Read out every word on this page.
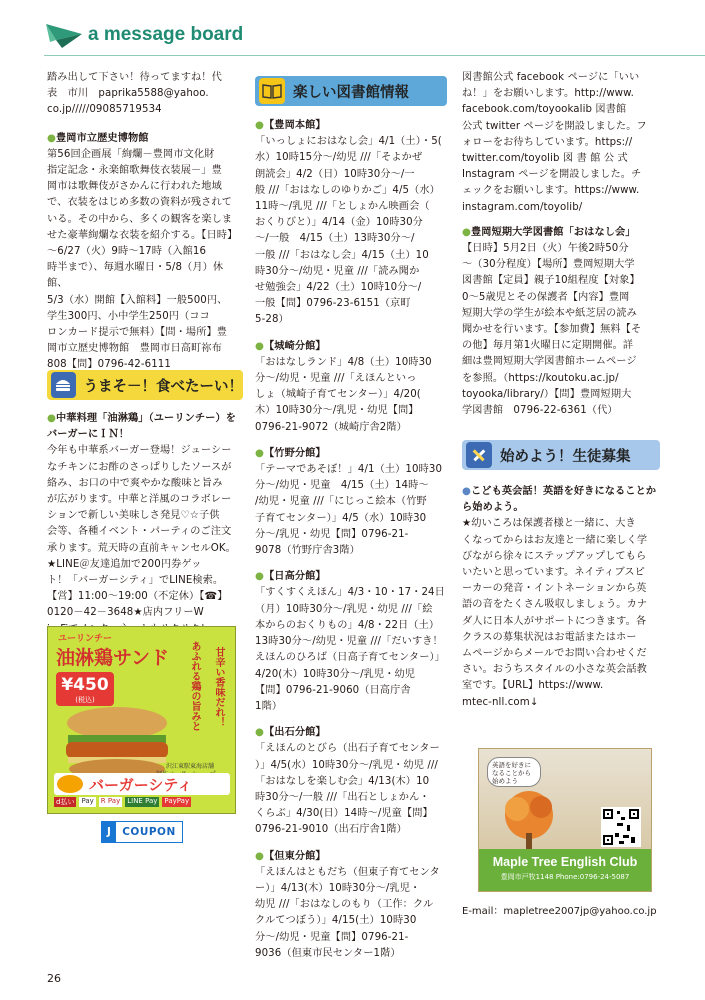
a message board

踏み出して下さい！待ってますね！代

表　市川　paprika5588@yahoo.

co.jp/////09085719534

●豊岡市立歴史博物館

第56回企画展「絢爛－豊岡市文化財

指定記念・永楽館歌舞伎衣装展－」豊

岡市は歌舞伎がさかんに行われた地域

で、衣装をはじめ多数の資料が残されて

いる。その中から、多くの観客を楽しま

せた豪華絢爛な衣装を紹介する。【日時】

～6/27（火）9時～17時（入館16

時半まで）、毎週水曜日・5/8（月）休館、

5/3（水）開館【入館料】一般500円、

学生300円、小中学生250円（ココ

ロンカード提示で無料）【問・場所】豊

岡市立歴史博物館　豊岡市日高町祢布

808【問】0796-42-6111

うまそ－！食べたーい！

●中華料理「油淋鶏」（ユーリンチー）をバーガーにＩＮ！

今年も中華系バーガー登場！ジューシー

なチキンにお酢のさっぱりしたソースが

絡み、お口の中で爽やかな酸味と旨み

が広がります。中華と洋風のコラボレー

ションで新しい美味しさ発見♡☆子供

会等、各種イベント・パーティのご注文

承ります。荒天時の直前キャンセルOK。

★LINE＠友達追加で200円券ゲッ

ト！「バーガーシティ」でLINE検索。

【営】11:00～19:00（不定休）【☎】

0120－42－3648★店内フリーW

ユーリンチー
油淋鶏サンド
¥450
(税込)	あふれる鶏の旨みと	甘辛い香味だれ！
沢江東駅東海店舗
バーガーシティ
d払い Pay R Pay LINE Pay PayPay
J	COUPON
楽しい図書館情報

●【豊岡本館】

「いっしょにおはなし会」4/1（土）・5(

水）10時15分～/幼児 ///「そよかぜ

朗読会」4/2（日）10時30分～/一

般 ///「おはなしのゆりかご」4/5（水）

11時～/乳児 ///「としょかん映画会（

おくりびと）」4/14（金）10時30分

～/一般　4/15（土）13時30分～/

一般 ///「おはなし会」4/15（土）10

時30分～/幼児・児童 ///「読み聞か

せ勉強会」4/22（土）10時10分～/

一般【問】0796-23-6151（京町

5-28）

●【城崎分館】

「おはなしランド」4/8（土）10時30

分～/幼児・児童 ///「えほんといっ

しょ（城崎子育てセンター）」4/20(

木）10時30分～/乳児・幼児【問】

0796-21-9072（城崎庁舎2階）

●【竹野分館】

「テーマであそぼ！」4/1（土）10時30

分～/幼児・児童　4/15（土）14時～

/幼児・児童 ///「にじっこ絵本（竹野

子育てセンター）」4/5（水）10時30

分～/乳児・幼児【問】0796-21-

9078（竹野庁舎3階）

●【日高分館】

「すくすくえほん」4/3・10・17・24日

（月）10時30分～/乳児・幼児 ///「絵

本からのおくりもの」4/8・22日（土）

13時30分～/幼児・児童 ///「だいすき！

えほんのひろば（日高子育てセンター）」

4/20(木）10時30分～/乳児・幼児

【問】0796-21-9060（日高庁舎

1階）

●【出石分館】

「えほんのとびら（出石子育てセンター

）」4/5(水）10時30分～/乳児・幼児 ///

「おはなしを楽しむ会」4/13(木）10

時30分～/一般 ///「出石としょかん・

くらぶ」4/30(日）14時～/児童【問】

0796-21-9010（出石庁舎1階）

●【但東分館】

「えほんはともだち（但東子育てセンタ

ー）」4/13(木）10時30分～/乳児・

幼児 ///「おはなしのもり（工作：クル

クルてつぼう）」4/15(土）10時30

分～/幼児・児童【問】0796-21-

9036（但東市民センター1階）

図書館公式 facebook ページに「いい

ね！」をお願いします。http://www.

facebook.com/toyookalib 図書館

公式 twitter ページを開設しました。フ

ォローをお待ちしています。https://

twitter.com/toyolib 図 書 館 公 式

Instagram ページを開設しました。チ

ェックをお願いします。https://www.

instagram.com/toyolib/

●豊岡短期大学図書館「おはなし会」

【日時】5月2日（火）午後2時50分

～（30分程度）【場所】豊岡短期大学

図書館【定員】親子10組程度【対象】

0～5歳児とその保護者【内容】豊岡

短期大学の学生が絵本や紙芝居の読み

聞かせを行います。【参加費】無料【そ

の他】毎月第1火曜日に定期開催。詳

細は豊岡短期大学図書館ホームページ

を参照。（https://koutoku.ac.jp/

toyooka/library/）【問】豊岡短期大

学図書館　0796-22-6361（代）

始めよう！生徒募集

●こども英会話！英語を好きになることから始めよう。

★幼いころは保護者様と一緒に、大き

くなってからはお友達と一緒に楽しく学

びながら徐々にステップアップしてもら

いたいと思っています。ネイティブスピ

ーカーの発音・イントネーションから英

語の音をたくさん吸収しましょう。カナ

ダ人に日本人がサポートにつきます。各

クラスの募集状況はお電話またはホー

ムページからメールでお問い合わせくだ

さい。おうちスタイルの小さな英会話教

室です。【URL】https://www.

mtec-nll.com↓

英語を好きになることから始めよう
Maple Tree English Club
豊岡市戸牧1148 Phone:0796-24-5087
E-mail：mapletree2007jp@yahoo.co.jp
26
